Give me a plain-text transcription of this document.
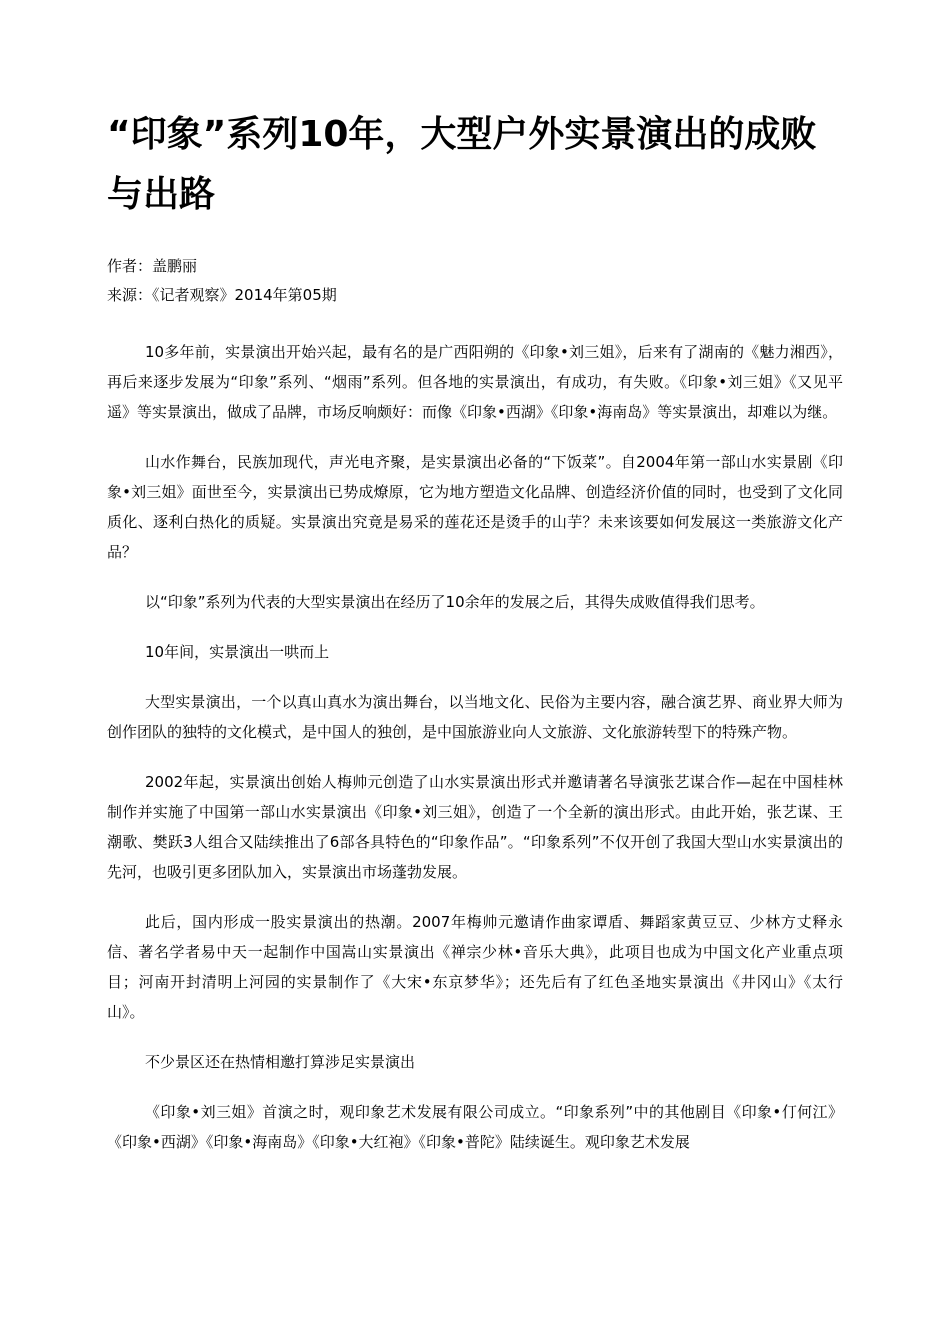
“印象”系列10年，大型户外实景演出的成败与出路
作者：盖鹏丽
来源：《记者观察》2014年第05期

10多年前，实景演出开始兴起，最有名的是广西阳朔的《印象•刘三姐》，后来有了湖南的《魅力湘西》，再后来逐步发展为“印象”系列、“烟雨”系列。但各地的实景演出，有成功，有失败。《印象•刘三姐》《又见平遥》等实景演出，做成了品牌，市场反响颇好：而像《印象•西湖》《印象•海南岛》等实景演出，却难以为继。

山水作舞台，民族加现代，声光电齐聚，是实景演出必备的“下饭菜”。自2004年第一部山水实景剧《印象•刘三姐》面世至今，实景演出已势成燎原，它为地方塑造文化品牌、创造经济价值的同时，也受到了文化同质化、逐利白热化的质疑。实景演出究竟是易采的莲花还是烫手的山芋？未来该要如何发展这一类旅游文化产品？

以“印象”系列为代表的大型实景演出在经历了10余年的发展之后，其得失成败值得我们思考。

10年间，实景演出一哄而上

大型实景演出，一个以真山真水为演出舞台，以当地文化、民俗为主要内容，融合演艺界、商业界大师为创作团队的独特的文化模式，是中国人的独创，是中国旅游业向人文旅游、文化旅游转型下的特殊产物。

2002年起，实景演出创始人梅帅元创造了山水实景演出形式并邀请著名导演张艺谋合作—起在中国桂林制作并实施了中国第一部山水实景演出《印象•刘三姐》，创造了一个全新的演出形式。由此开始，张艺谋、王潮歌、樊跃3人组合又陆续推出了6部各具特色的“印象作品”。“印象系列”不仅开创了我国大型山水实景演出的先河，也吸引更多团队加入，实景演出市场蓬勃发展。

此后，国内形成一股实景演出的热潮。2007年梅帅元邀请作曲家谭盾、舞蹈家黄豆豆、少林方丈释永信、著名学者易中天一起制作中国嵩山实景演出《禅宗少林•音乐大典》，此项目也成为中国文化产业重点项目；河南开封清明上河园的实景制作了《大宋•东京梦华》；还先后有了红色圣地实景演出《井冈山》《太行山》。

不少景区还在热情相邀打算涉足实景演出

《印象•刘三姐》首演之时，观印象艺术发展有限公司成立。“印象系列”中的其他剧目《印象•仃何江》《印象•西湖》《印象•海南岛》《印象•大红袍》《印象•普陀》陆续诞生。观印象艺术发展
